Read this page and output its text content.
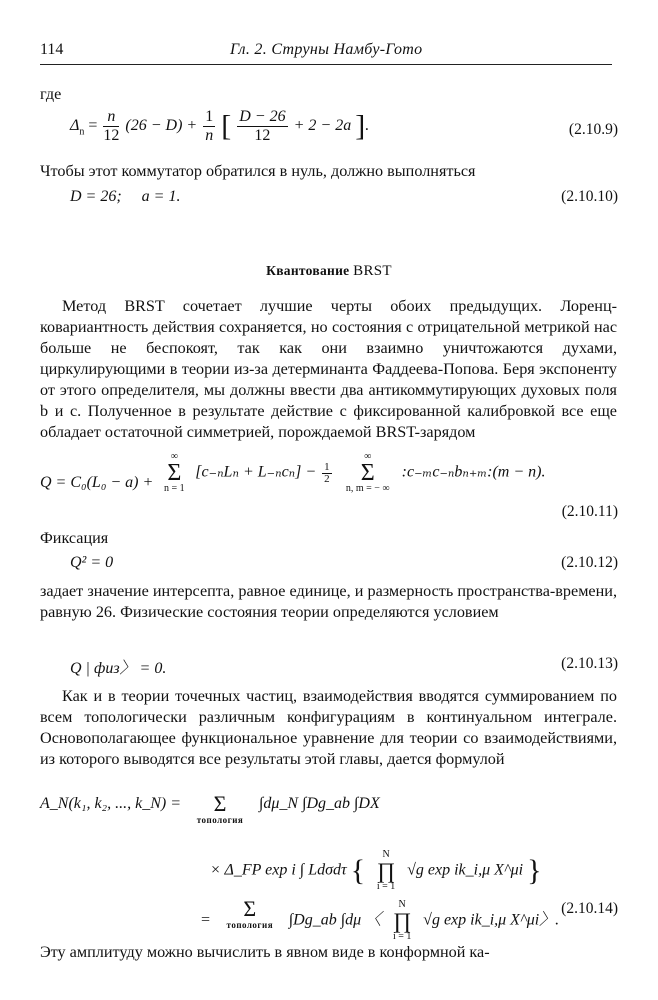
114	Гл. 2. Струны Намбу-Гото
где
$\Delta_n = \frac{n}{12} (26 - D) + \frac{1}{n}$ [ $\frac{D - 26}{12} + 2 - 2a$ ].	(2.10.9)
Чтобы этот коммутатор обратился в нуль, должно выполняться
D = 26;     a = 1.	(2.10.10)
Квантование BRST
Метод BRST сочетает лучшие черты обоих предыдущих. Лоренц-ковариантность действия сохраняется, но состояния с отрицательной метрикой нас больше не беспокоят, так как они взаимно уничтожаются духами, циркулирующими в теории из-за детерминанта Фаддеева-Попова. Беря экспоненту от этого определителя, мы должны ввести два антикоммутирующих духовых поля b и c. Полученное в результате действие с фиксированной калибровкой все еще обладает остаточной симметрией, порождаемой BRST-зарядом
Q = C₀(L₀ − a) +
∞
Σ
n = 1
$[c_{-n}L_n + L_{-n}c_n] - \frac{1}{2}$

∞
Σ
n, m = − ∞
:c₋ₘc₋ₙbₙ₊ₘ:(m − n).
(2.10.11)
Фиксация
Q² = 0	(2.10.12)
задает значение интерсепта, равное единице, и размерность пространства-времени, равную 26. Физические состояния теории определяются условием
Q | физ〉 = 0.	(2.10.13)
Как и в теории точечных частиц, взаимодействия вводятся суммированием по всем топологически различным конфигурациям в континуальном интеграле. Основополагающее функциональное уравнение для теории со взаимодействиями, из которого выводятся все результаты этой главы, дается формулой
A_N(k₁, k₂, ..., k_N) =	Σ
топология
∫dμ_N ∫Dg_ab ∫DX
× Δ_FP exp i ∫ Ldσdτ {	N
∏
i = 1
√g exp ik_i,μ X^μi }
=	Σ
топология ∫Dg_ab ∫dμ 〈
N
∏
i = 1
√g exp ik_i,μ X^μi〉.
(2.10.14)
Эту амплитуду можно вычислить в явном виде в конформной ка-
